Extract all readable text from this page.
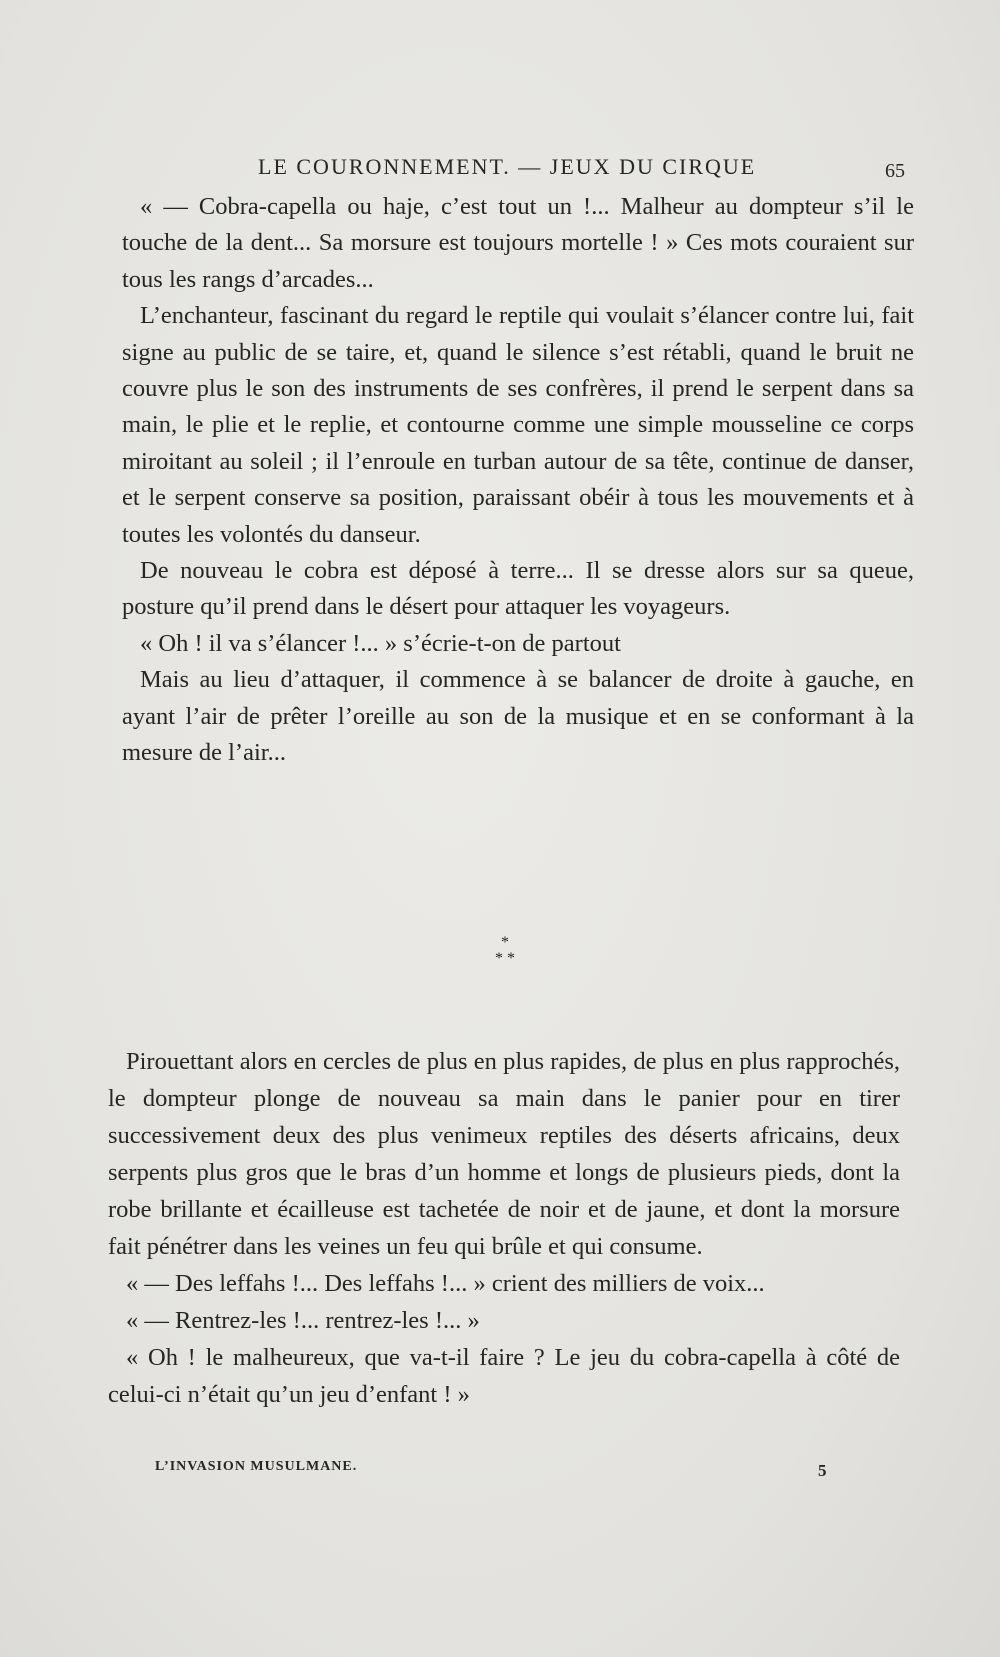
LE COURONNEMENT. — JEUX DU CIRQUE	65

« — Cobra-capella ou haje, c’est tout un !... Malheur au dompteur s’il le touche de la dent... Sa morsure est toujours mortelle ! » Ces mots couraient sur tous les rangs d’arcades...

L’enchanteur, fascinant du regard le reptile qui voulait s’élancer contre lui, fait signe au public de se taire, et, quand le silence s’est rétabli, quand le bruit ne couvre plus le son des instruments de ses confrères, il prend le serpent dans sa main, le plie et le replie, et contourne comme une simple mousseline ce corps miroitant au soleil ; il l’enroule en turban autour de sa tête, continue de danser, et le serpent conserve sa position, paraissant obéir à tous les mouvements et à toutes les volontés du danseur.

De nouveau le cobra est déposé à terre... Il se dresse alors sur sa queue, posture qu’il prend dans le désert pour attaquer les voyageurs.

« Oh ! il va s’élancer !... » s’écrie-t-on de partout

Mais au lieu d’attaquer, il commence à se balancer de droite à gauche, en ayant l’air de prêter l’oreille au son de la musique et en se conformant à la mesure de l’air...

*
* *

Pirouettant alors en cercles de plus en plus rapides, de plus en plus rapprochés, le dompteur plonge de nouveau sa main dans le panier pour en tirer successivement deux des plus venimeux reptiles des déserts africains, deux serpents plus gros que le bras d’un homme et longs de plusieurs pieds, dont la robe brillante et écailleuse est tachetée de noir et de jaune, et dont la morsure fait pénétrer dans les veines un feu qui brûle et qui consume.

« — Des leffahs !... Des leffahs !... » crient des milliers de voix...

« — Rentrez-les !... rentrez-les !... »

« Oh ! le malheureux, que va-t-il faire ? Le jeu du cobra-capella à côté de celui-ci n’était qu’un jeu d’enfant ! »

L’INVASION MUSULMANE.	5
